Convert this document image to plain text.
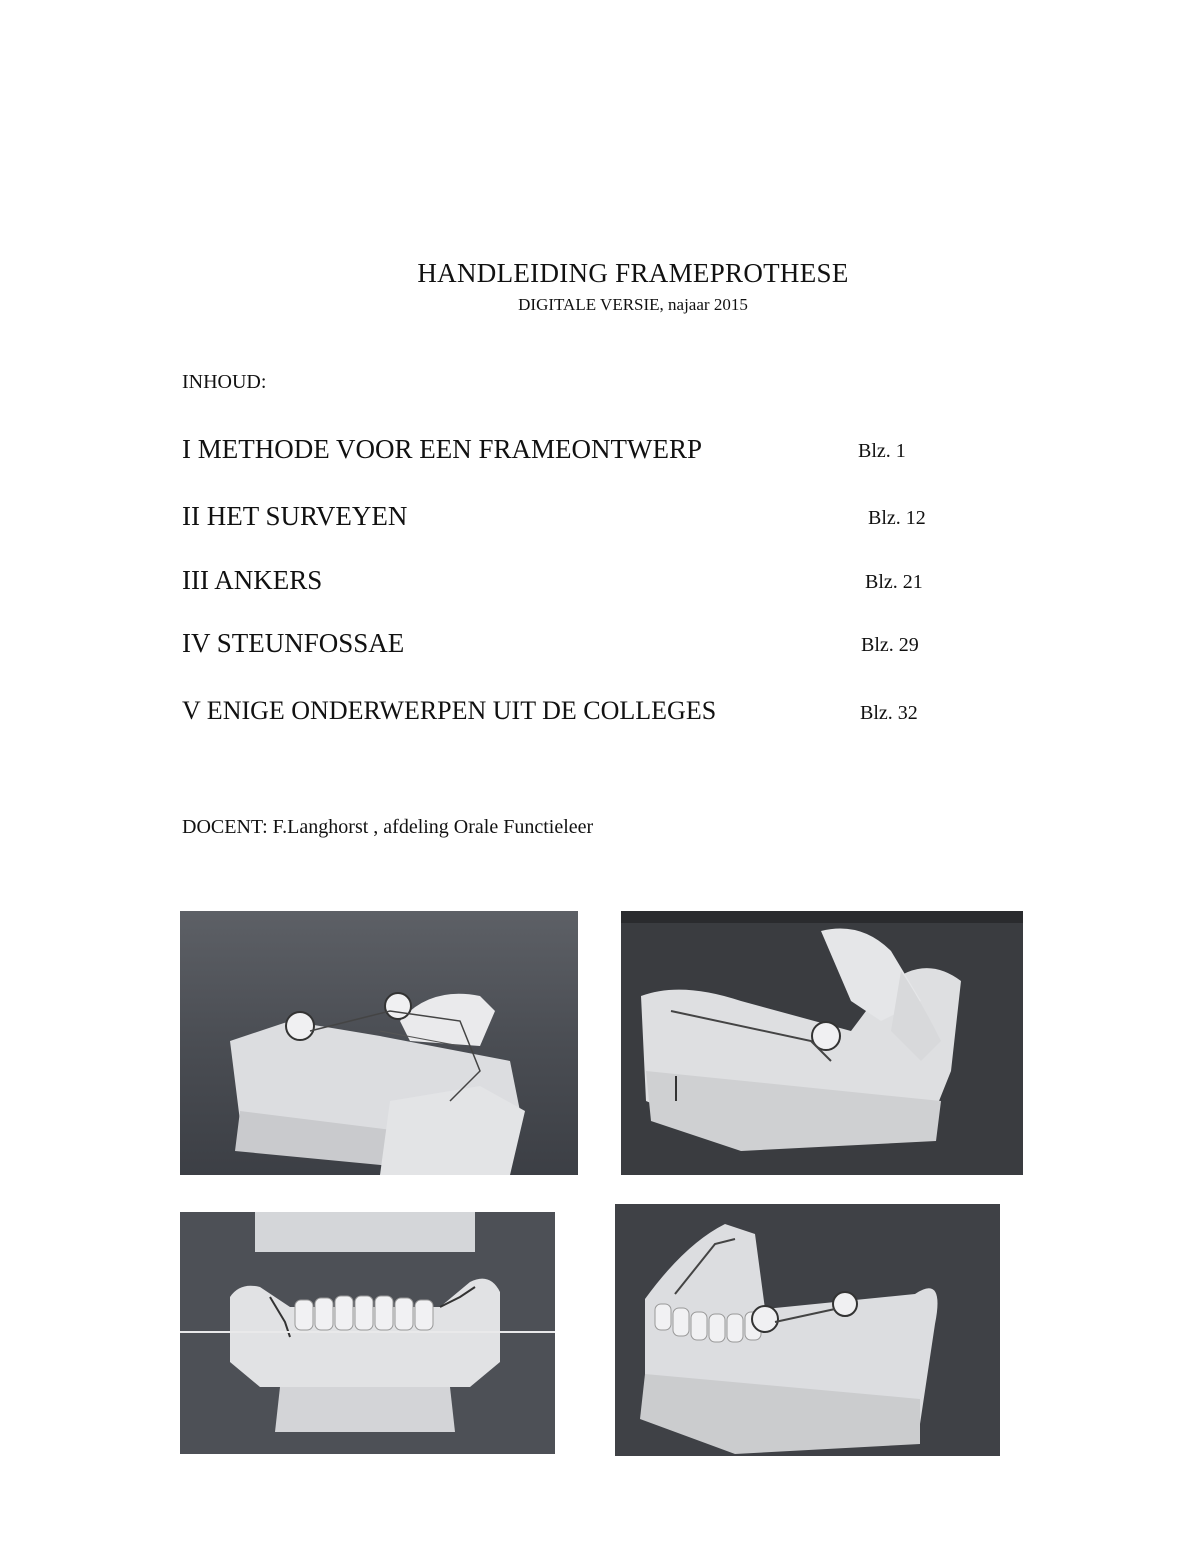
HANDLEIDING FRAMEPROTHESE
DIGITALE VERSIE, najaar 2015
INHOUD:
I METHODE VOOR EEN FRAMEONTWERP	Blz. 1
II HET SURVEYEN	Blz. 12
III ANKERS	Blz. 21
IV STEUNFOSSAE	Blz. 29
V ENIGE ONDERWERPEN UIT DE COLLEGES	Blz. 32
DOCENT: F.Langhorst , afdeling Orale Functieleer
